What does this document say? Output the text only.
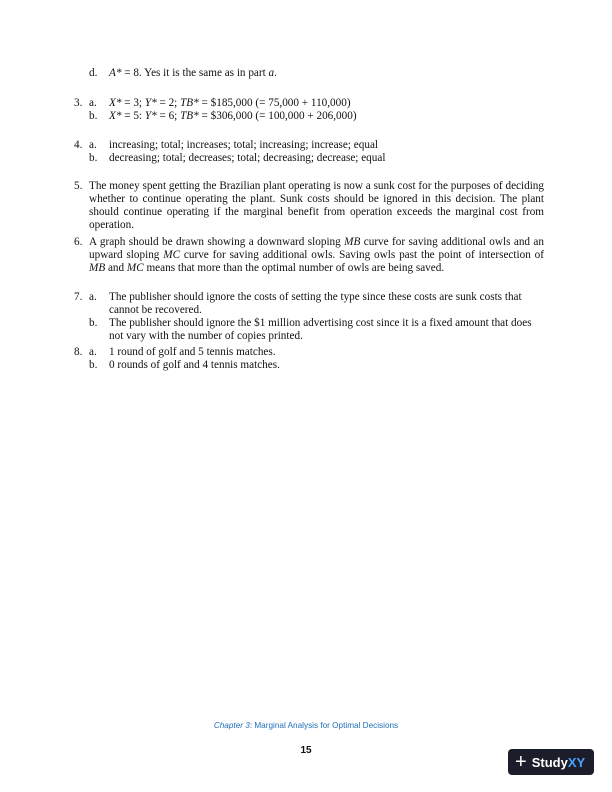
d. A* = 8. Yes it is the same as in part a.
3. a. X* = 3; Y* = 2; TB* = $185,000 (= 75,000 + 110,000)
b. X* = 5: Y* = 6; TB* = $306,000 (= 100,000 + 206,000)
4. a. increasing; total; increases; total; increasing; increase; equal
b. decreasing; total; decreases; total; decreasing; decrease; equal
5. The money spent getting the Brazilian plant operating is now a sunk cost for the purposes of deciding whether to continue operating the plant. Sunk costs should be ignored in this decision. The plant should continue operating if the marginal benefit from operation exceeds the marginal cost from operation.
6. A graph should be drawn showing a downward sloping MB curve for saving additional owls and an upward sloping MC curve for saving additional owls. Saving owls past the point of intersection of MB and MC means that more than the optimal number of owls are being saved.
7. a. The publisher should ignore the costs of setting the type since these costs are sunk costs that cannot be recovered.
b. The publisher should ignore the $1 million advertising cost since it is a fixed amount that does not vary with the number of copies printed.
8. a. 1 round of golf and 5 tennis matches.
b. 0 rounds of golf and 4 tennis matches.
Chapter 3: Marginal Analysis for Optimal Decisions
15
+ StudyXY
